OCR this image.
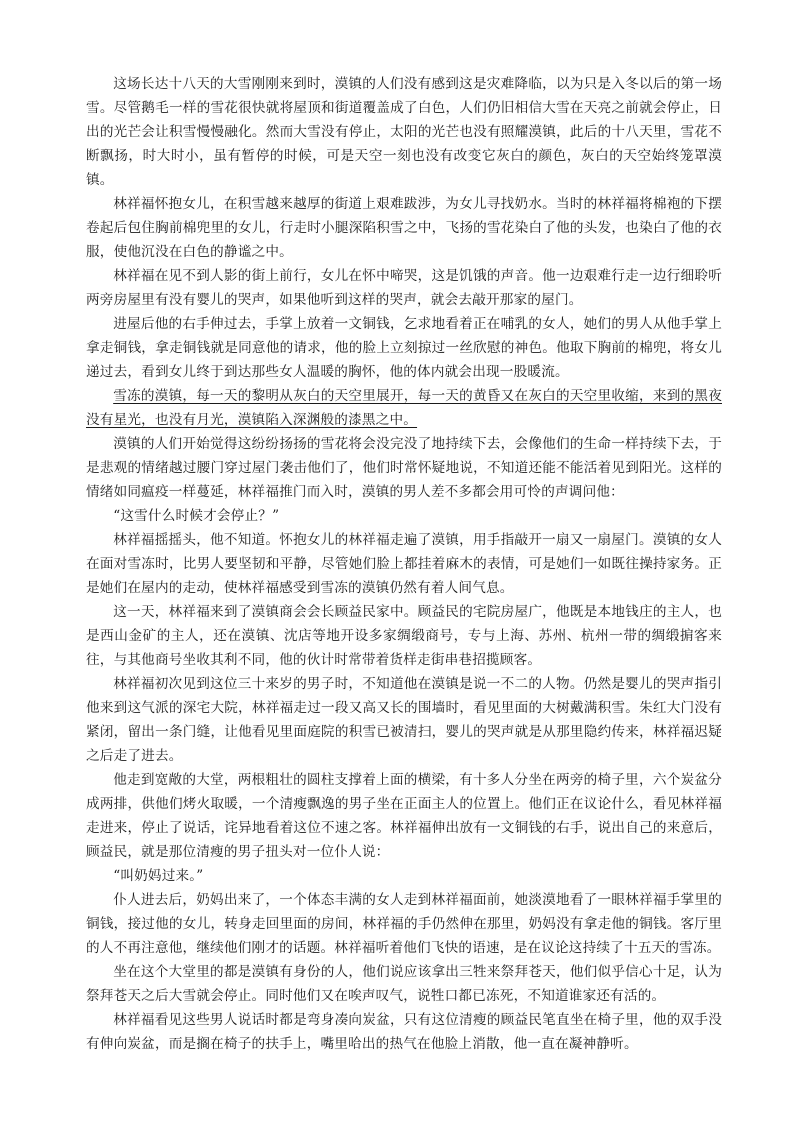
这场长达十八天的大雪刚刚来到时，漠镇的人们没有感到这是灾难降临，以为只是入冬以后的第一场雪。尽管鹅毛一样的雪花很快就将屋顶和街道覆盖成了白色，人们仍旧相信大雪在天亮之前就会停止，日出的光芒会让积雪慢慢融化。然而大雪没有停止，太阳的光芒也没有照耀漠镇，此后的十八天里，雪花不断飘扬，时大时小，虽有暂停的时候，可是天空一刻也没有改变它灰白的颜色，灰白的天空始终笼罩漠镇。

林祥福怀抱女儿，在积雪越来越厚的街道上艰难跋涉，为女儿寻找奶水。当时的林祥福将棉袍的下摆卷起后包住胸前棉兜里的女儿，行走时小腿深陷积雪之中，飞扬的雪花染白了他的头发，也染白了他的衣服，使他沉没在白色的静谧之中。

林祥福在见不到人影的街上前行，女儿在怀中啼哭，这是饥饿的声音。他一边艰难行走一边行细聆听两旁房屋里有没有婴儿的哭声，如果他听到这样的哭声，就会去敲开那家的屋门。

进屋后他的右手伸过去，手掌上放着一文铜钱，乞求地看着正在哺乳的女人，她们的男人从他手掌上拿走铜钱，拿走铜钱就是同意他的请求，他的脸上立刻掠过一丝欣慰的神色。他取下胸前的棉兜，将女儿递过去，看到女儿终于到达那些女人温暖的胸怀，他的体内就会出现一股暖流。

雪冻的漠镇，每一天的黎明从灰白的天空里展开，每一天的黄昏又在灰白的天空里收缩，来到的黑夜没有星光，也没有月光，漠镇陷入深渊般的漆黑之中。

漠镇的人们开始觉得这纷纷扬扬的雪花将会没完没了地持续下去，会像他们的生命一样持续下去，于是悲观的情绪越过腰门穿过屋门袭击他们了，他们时常怀疑地说，不知道还能不能活着见到阳光。这样的情绪如同瘟疫一样蔓延，林祥福推门而入时，漠镇的男人差不多都会用可怜的声调问他：

“这雪什么时候才会停止？”

林祥福摇摇头，他不知道。怀抱女儿的林祥福走遍了漠镇，用手指敲开一扇又一扇屋门。漠镇的女人在面对雪冻时，比男人要坚韧和平静，尽管她们脸上都挂着麻木的表情，可是她们一如既往操持家务。正是她们在屋内的走动，使林祥福感受到雪冻的漠镇仍然有着人间气息。

这一天，林祥福来到了漠镇商会会长顾益民家中。顾益民的宅院房屋广，他既是本地钱庄的主人，也是西山金矿的主人，还在漠镇、沈店等地开设多家绸缎商号，专与上海、苏州、杭州一带的绸缎掮客来往，与其他商号坐收其利不同，他的伙计时常带着货样走街串巷招揽顾客。

林祥福初次见到这位三十来岁的男子时，不知道他在漠镇是说一不二的人物。仍然是婴儿的哭声指引他来到这气派的深宅大院，林祥福走过一段又高又长的围墙时，看见里面的大树戴满积雪。朱红大门没有紧闭，留出一条门缝，让他看见里面庭院的积雪已被清扫，婴儿的哭声就是从那里隐约传来，林祥福迟疑之后走了进去。

他走到宽敞的大堂，两根粗壮的圆柱支撑着上面的横梁，有十多人分坐在两旁的椅子里，六个炭盆分成两排，供他们烤火取暖，一个清瘦飘逸的男子坐在正面主人的位置上。他们正在议论什么，看见林祥福走进来，停止了说话，诧异地看着这位不速之客。林祥福伸出放有一文铜钱的右手，说出自己的来意后，顾益民，就是那位清瘦的男子扭头对一位仆人说：

“叫奶妈过来。”

仆人进去后，奶妈出来了，一个体态丰满的女人走到林祥福面前，她淡漠地看了一眼林祥福手掌里的铜钱，接过他的女儿，转身走回里面的房间，林祥福的手仍然伸在那里，奶妈没有拿走他的铜钱。客厅里的人不再注意他，继续他们刚才的话题。林祥福听着他们飞快的语速，是在议论这持续了十五天的雪冻。

坐在这个大堂里的都是漠镇有身份的人，他们说应该拿出三牲来祭拜苍天，他们似乎信心十足，认为祭拜苍天之后大雪就会停止。同时他们又在唉声叹气，说牲口都已冻死，不知道谁家还有活的。

林祥福看见这些男人说话时都是弯身凑向炭盆，只有这位清瘦的顾益民笔直坐在椅子里，他的双手没有伸向炭盆，而是搁在椅子的扶手上，嘴里哈出的热气在他脸上消散，他一直在凝神静听。
